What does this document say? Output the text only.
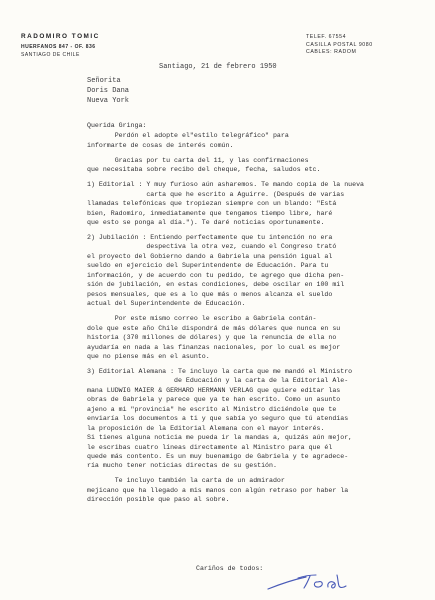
RADOMIRO TOMIC
HUERFANOS 847 - OF. 836
SANTIAGO DE CHILE
TELEF. 67554
CASILLA POSTAL 9080
CABLES: RADOM
Santiago, 21 de febrero 1950
Señorita
Doris Dana
Nueva York
Querida Gringa:
Perdón el adopte el"estilo telegráfico" para
informarte de cosas de interés común.
Gracias por tu carta del 11, y las confirmaciones
que necesitaba sobre recibo del cheque, fecha, saludos etc.
1) Editorial : Y muy furioso aún asharemos. Te mando copia de la nueva
carta que he escrito a Aguirre. (Después de varias
llamadas telefónicas que tropiezan siempre con un blando: "Está
bien, Radomiro, inmediatamente que tengamos tiempo libre, haré
que esto se ponga al día."). Te daré noticias oportunamente.
2) Jubilación : Entiendo perfectamente que tu intención no era
despectiva la otra vez, cuando el Congreso trató
el proyecto del Gobierno dando a Gabriela una pensión igual al
sueldo en ejercicio del Superintendente de Educación. Para tu
información, y de acuerdo con tu pedido, te agrego que dicha pen-
sión de jubilación, en estas condiciones, debe oscilar en 100 mil
pesos mensuales, que es a lo que más o menos alcanza el sueldo
actual del Superintendente de Educación.
Por este mismo correo le escribo a Gabriela contán-
dole que este año Chile dispondrá de más dólares que nunca en su
historia (370 millones de dólares) y que la renuncia de ella no
ayudaría en nada a las finanzas nacionales, por lo cual es mejor
que no piense más en el asunto.
3) Editorial Alemana : Te incluyo la carta que me mandó el Ministro
de Educación y la carta de la Editorial Ale-
mana LUDWIG MAIER & GERHARD HERMANN VERLAG que quiere editar las
obras de Gabriela y parece que ya te han escrito. Como un asunto
ajeno a mi "provincia" he escrito al Ministro diciéndole que te
enviaría los documentos a ti y que sabía yo seguro que tú atendías
la proposición de la Editorial Alemana con el mayor interés.
Si tienes alguna noticia me pueda ir la mandas a, quizás aún mejor,
le escribas cuatro líneas directamente al Ministro para que él
quede más contento. Es un muy buenamigo de Gabriela y te agradece-
ría mucho tener noticias directas de su gestión.
Te incluyo también la carta de un admirador
mejicano que ha llegado a mis manos con algún retraso por haber la
dirección posible que paso al sobre.
Cariños de todos:
